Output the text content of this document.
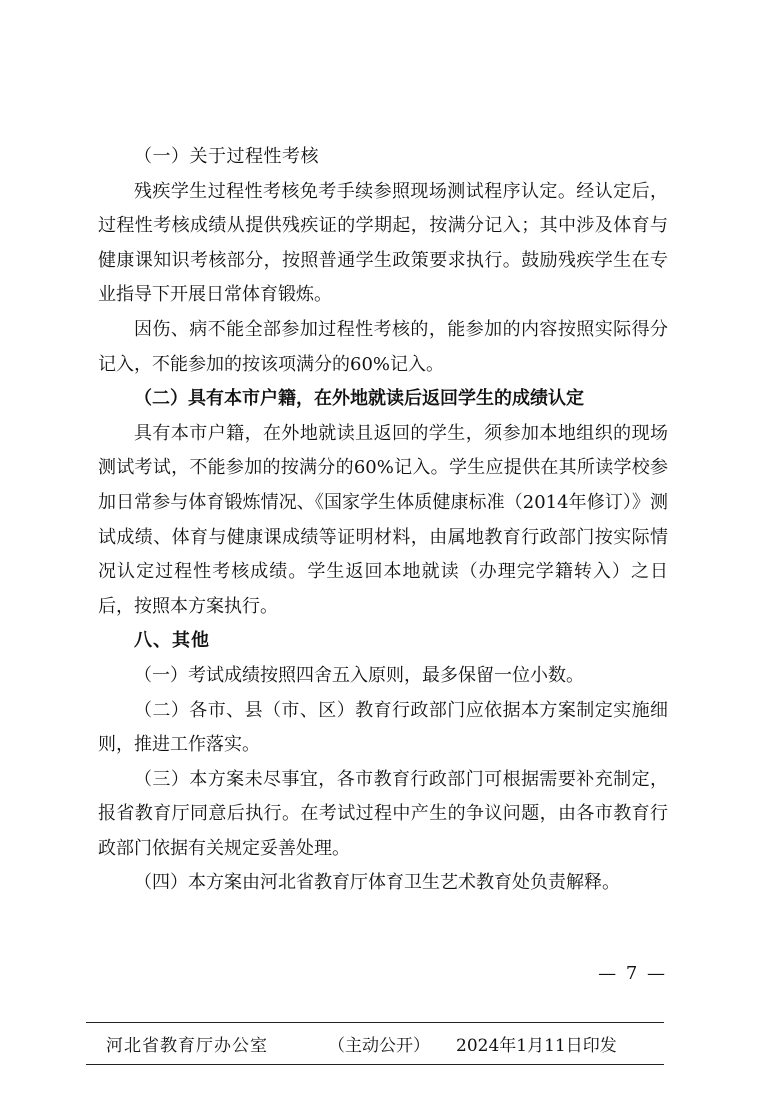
（一）关于过程性考核

残疾学生过程性考核免考手续参照现场测试程序认定。经认定后，过程性考核成绩从提供残疾证的学期起，按满分记入；其中涉及体育与健康课知识考核部分，按照普通学生政策要求执行。鼓励残疾学生在专业指导下开展日常体育锻炼。

因伤、病不能全部参加过程性考核的，能参加的内容按照实际得分记入，不能参加的按该项满分的60%记入。

（二）具有本市户籍，在外地就读后返回学生的成绩认定

具有本市户籍，在外地就读且返回的学生，须参加本地组织的现场测试考试，不能参加的按满分的60%记入。学生应提供在其所读学校参加日常参与体育锻炼情况、《国家学生体质健康标准（2014年修订）》测试成绩、体育与健康课成绩等证明材料，由属地教育行政部门按实际情况认定过程性考核成绩。学生返回本地就读（办理完学籍转入）之日后，按照本方案执行。

八、其他

（一）考试成绩按照四舍五入原则，最多保留一位小数。

（二）各市、县（市、区）教育行政部门应依据本方案制定实施细则，推进工作落实。

（三）本方案未尽事宜，各市教育行政部门可根据需要补充制定，报省教育厅同意后执行。在考试过程中产生的争议问题，由各市教育行政部门依据有关规定妥善处理。

（四）本方案由河北省教育厅体育卫生艺术教育处负责解释。

— 7 —
河北省教育厅办公室	（主动公开） 2024年1月11日印发
